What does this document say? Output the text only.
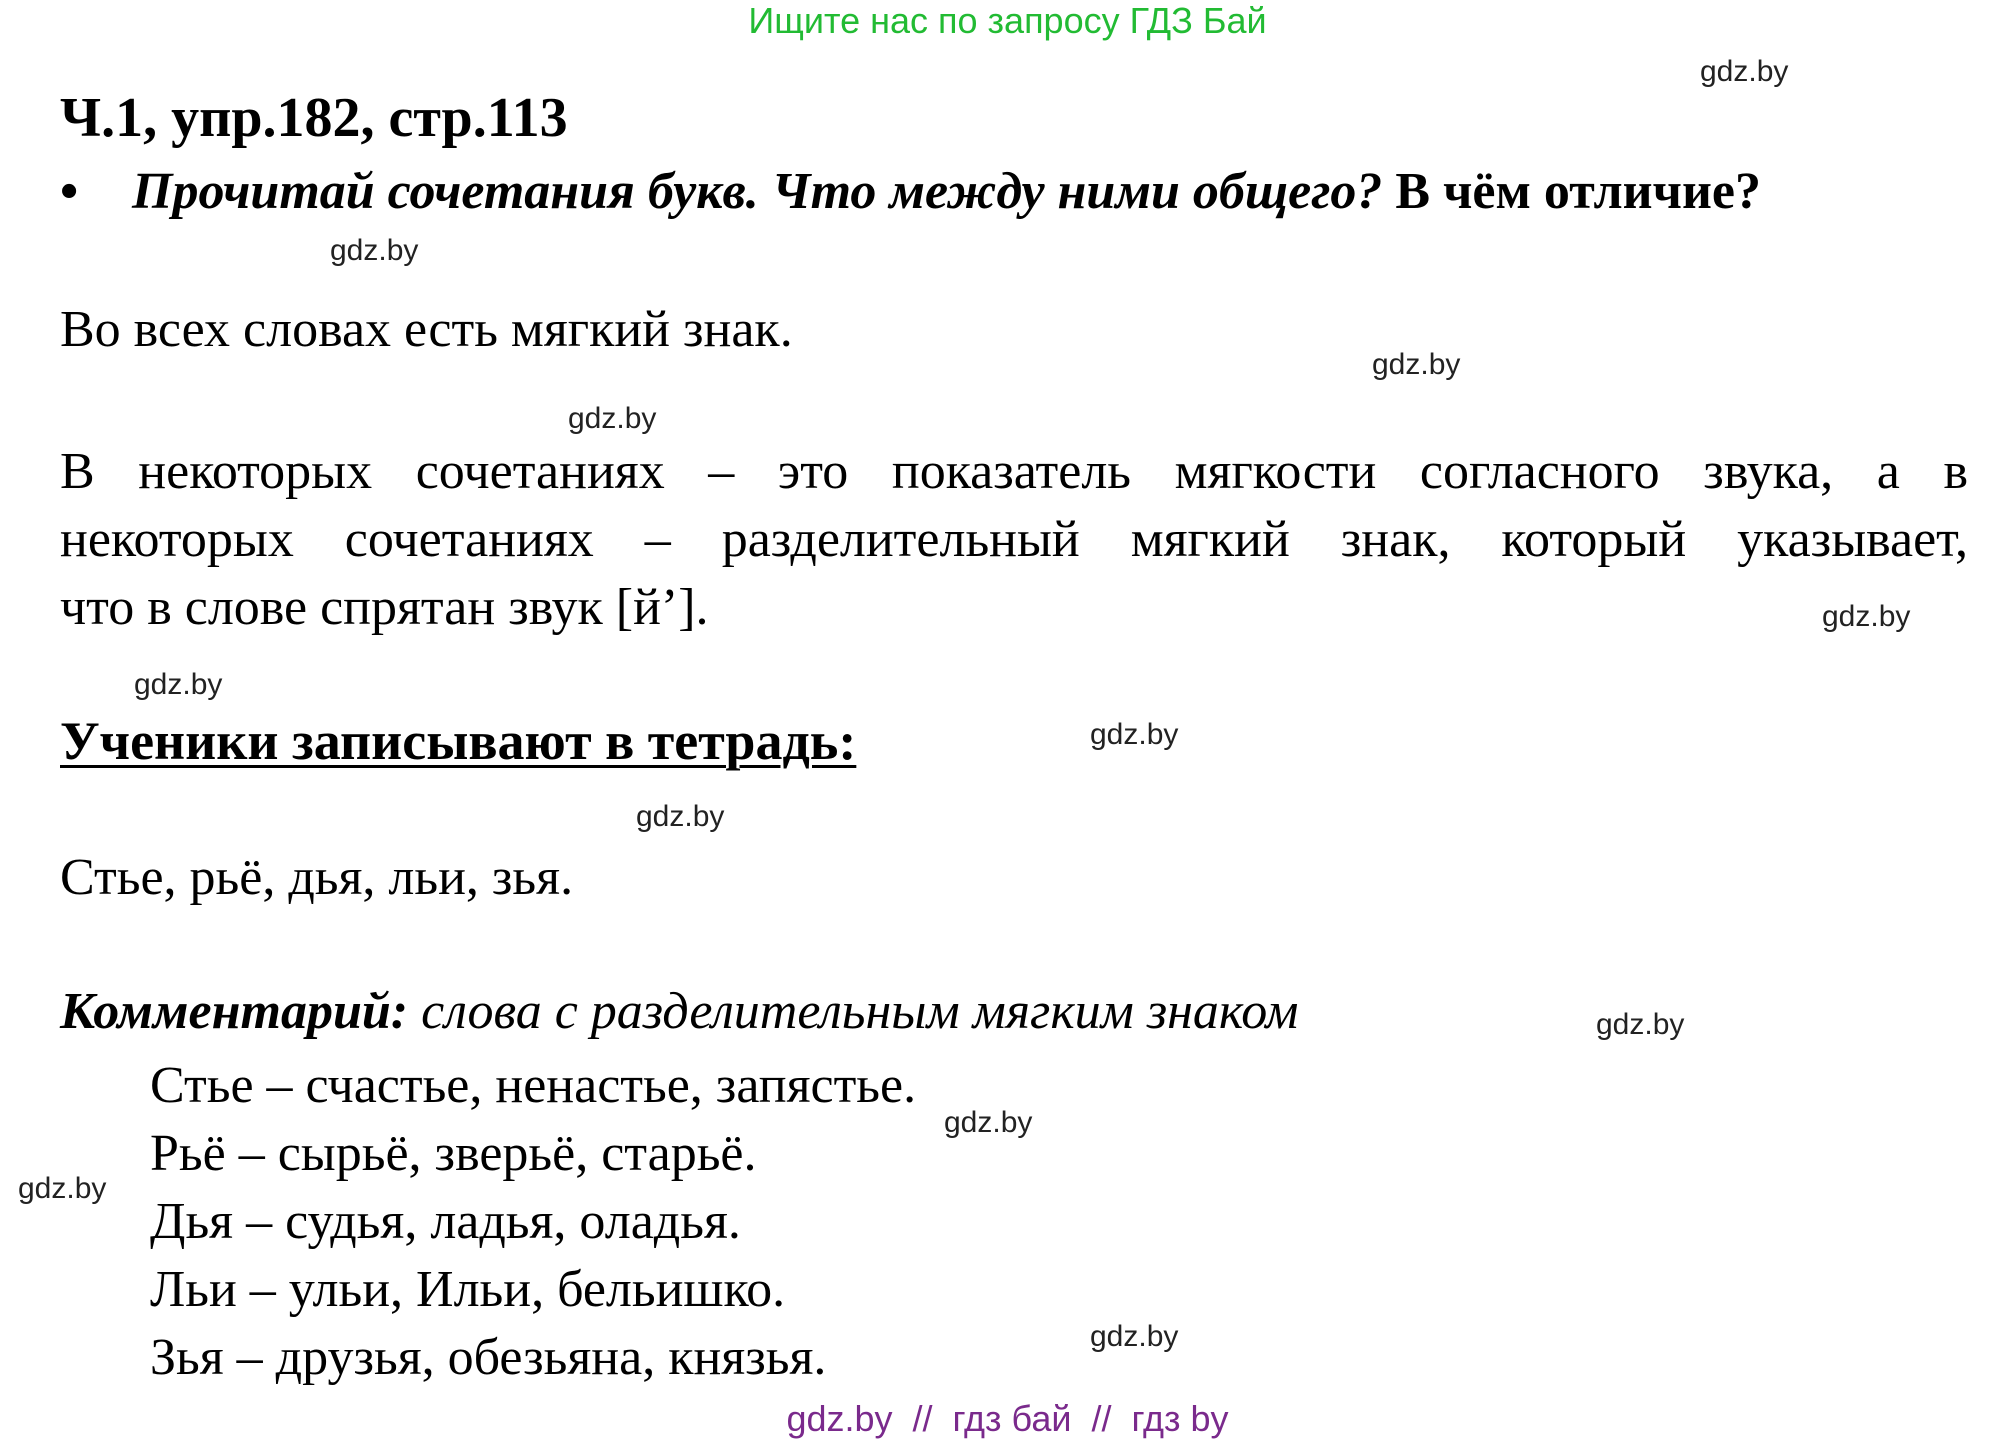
Ищите нас по запросу ГДЗ Бай
Ч.1, упр.182, стр.113
• Прочитай сочетания букв. Что между ними общего? В чём отличие?
Во всех словах есть мягкий знак.
В некоторых сочетаниях – это показатель мягкости согласного звука, а в
некоторых сочетаниях – разделительный мягкий знак, который указывает,
что в слове спрятан звук [й’].
Ученики записывают в тетрадь:
Стье, рьё, дья, льи, зья.
Комментарий: слова с разделительным мягким знаком
Стье – счастье, ненастье, запястье.
Рьё – сырьё, зверьё, старьё.
Дья – судья, ладья, оладья.
Льи – ульи, Ильи, бельишко.
Зья – друзья, обезьяна, князья.
gdz.by
gdz.by
gdz.by
gdz.by
gdz.by
gdz.by
gdz.by
gdz.by
gdz.by
gdz.by
gdz.by
gdz.by
gdz.by  //  гдз бай  //  гдз by
